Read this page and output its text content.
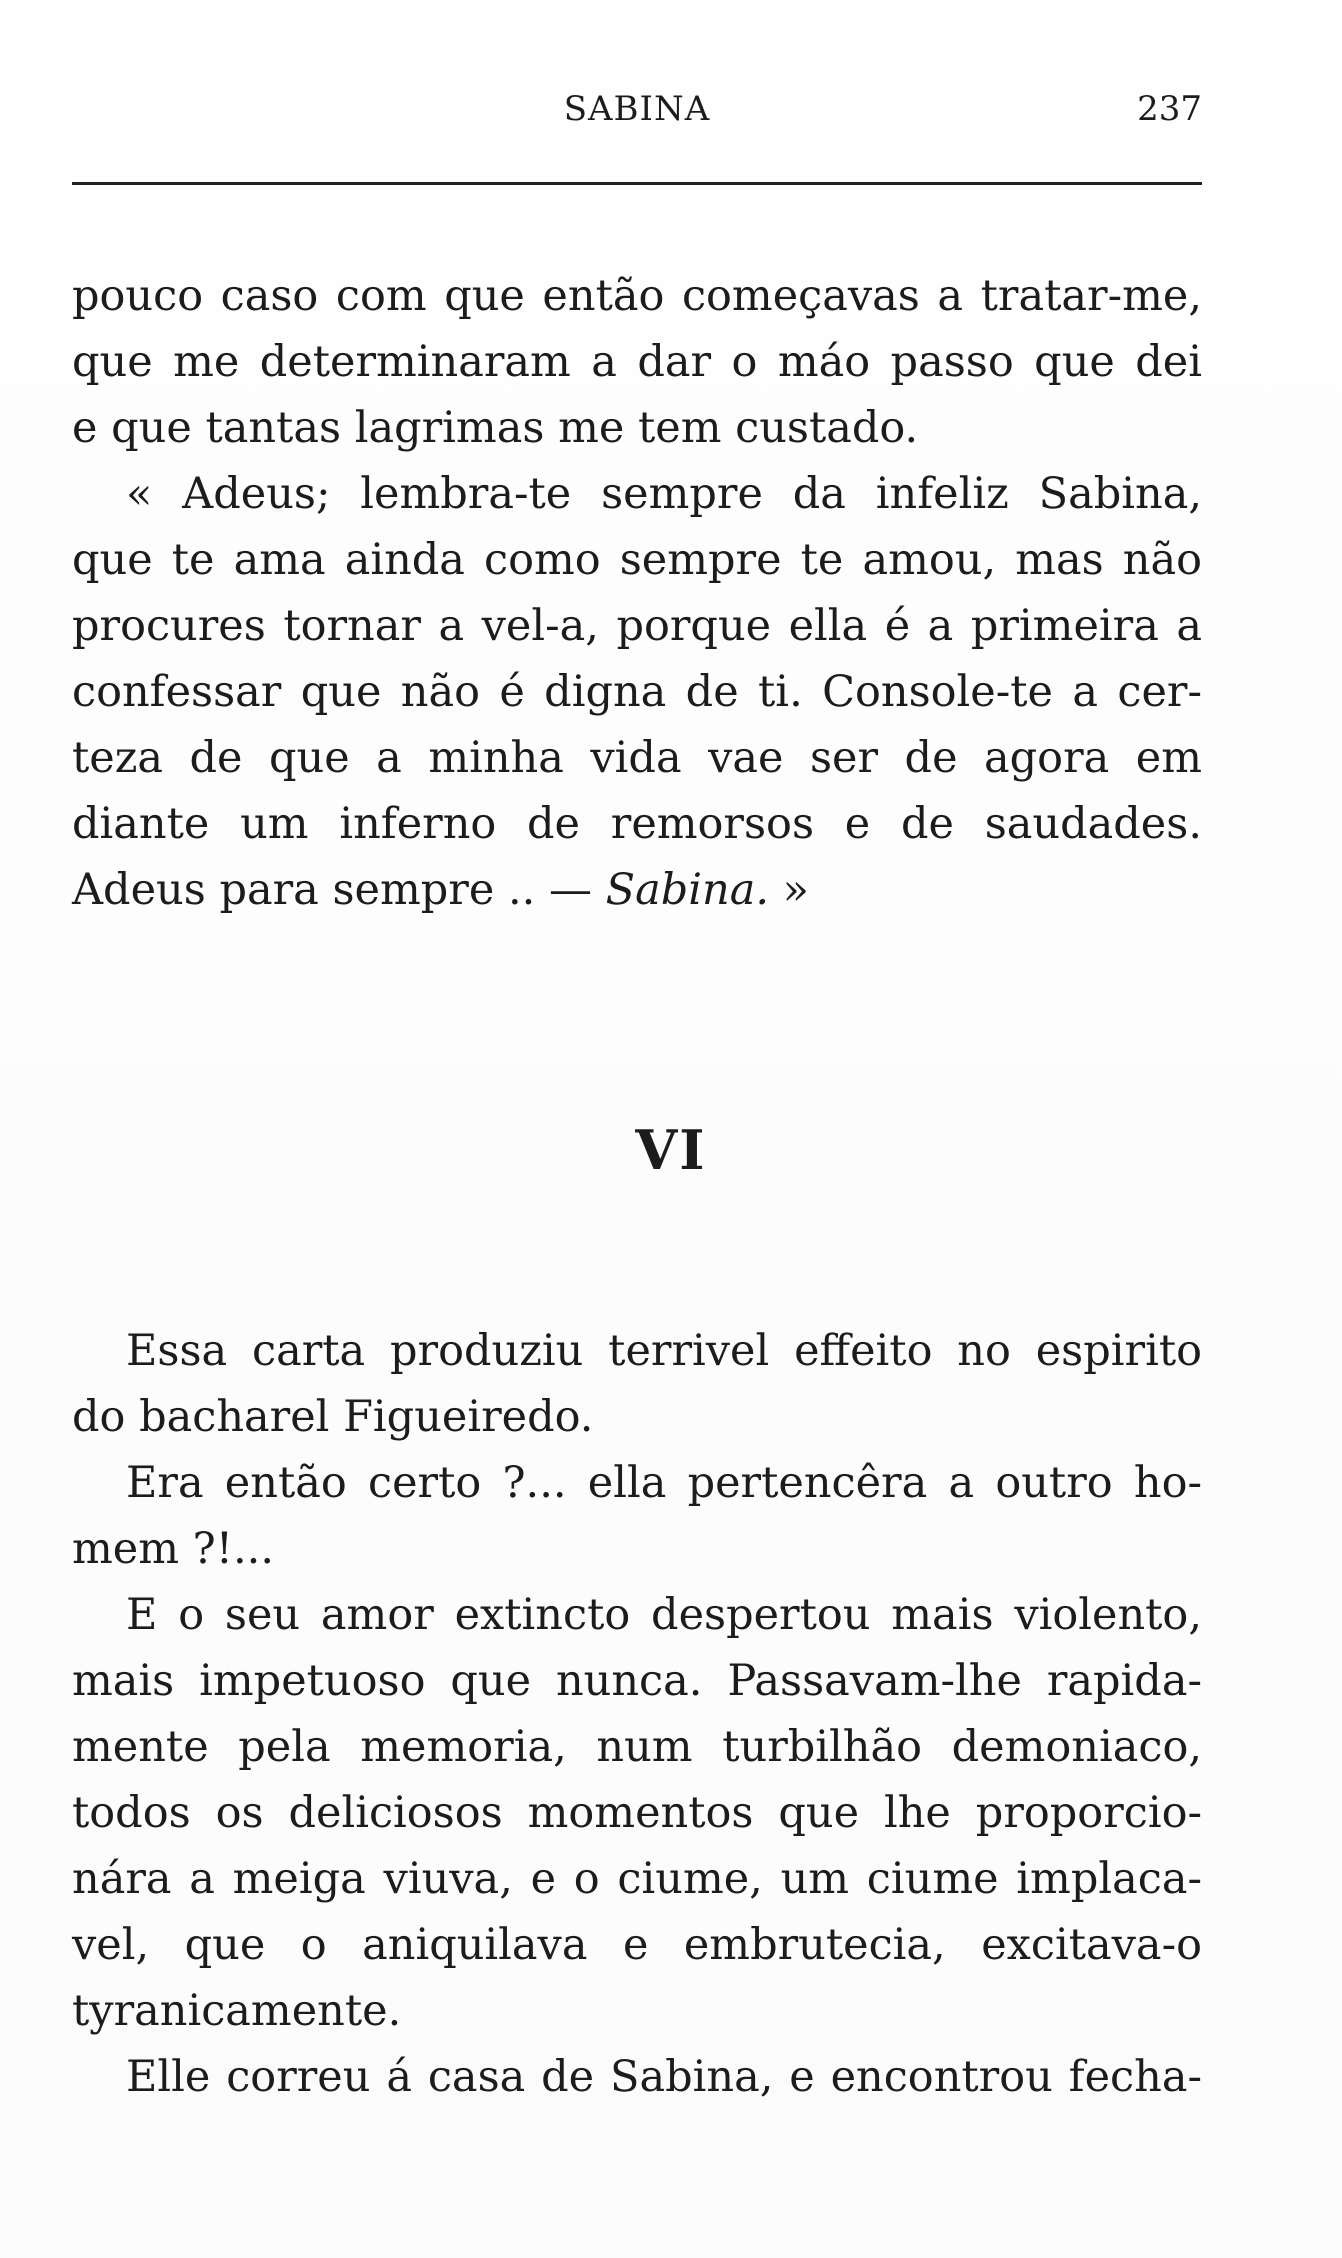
SABINA	237
pouco caso com que então começavas a tratar-me,
que me determinaram a dar o máo passo que dei
e que tantas lagrimas me tem custado.
« Adeus; lembra-te sempre da infeliz Sabina,
que te ama ainda como sempre te amou, mas não
procures tornar a vel-a, porque ella é a primeira a
confessar que não é digna de ti. Console-te a cer-
teza de que a minha vida vae ser de agora em
diante um inferno de remorsos e de saudades.
Adeus para sempre .. — Sabina. »
VI
Essa carta produziu terrivel effeito no espirito
do bacharel Figueiredo.
Era então certo ?... ella pertencêra a outro ho-
mem ?!...
E o seu amor extincto despertou mais violento,
mais impetuoso que nunca. Passavam-lhe rapida-
mente pela memoria, num turbilhão demoniaco,
todos os deliciosos momentos que lhe proporcio-
nára a meiga viuva, e o ciume, um ciume implaca-
vel, que o aniquilava e embrutecia, excitava-o
tyranicamente.
Elle correu á casa de Sabina, e encontrou fecha-
